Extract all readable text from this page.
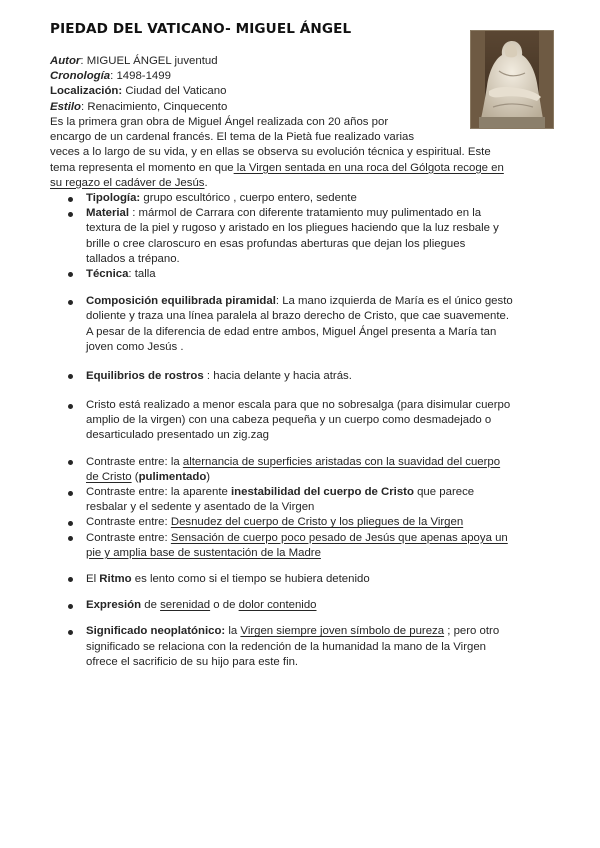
PIEDAD DEL VATICANO- MIGUEL ÁNGEL
Autor: MIGUEL ÁNGEL juventud
Cronología: 1498-1499
Localización: Ciudad del Vaticano
Estilo: Renacimiento, Cinquecento
Es la primera gran obra de Miguel Ángel realizada con 20 años por
encargo de un cardenal francés. El tema de la Pietà fue realizado varias
veces a lo largo de su vida, y en ellas se observa su evolución técnica y espiritual. Este
tema representa el momento en que la Virgen sentada en una roca del Gólgota recoge en
su regazo el cadáver de Jesús.
Tipología: grupo escultórico , cuerpo entero, sedente
Material : mármol de Carrara con diferente tratamiento muy pulimentado en la
textura de la piel y rugoso y aristado en los pliegues haciendo que la luz resbale y
brille o cree claroscuro en esas profundas aberturas que dejan los pliegues
tallados a trépano.
Técnica: talla
Composición equilibrada piramidal: La mano izquierda de María es el único gesto
doliente y traza una línea paralela al brazo derecho de Cristo, que cae suavemente.
A pesar de la diferencia de edad entre ambos, Miguel Ángel presenta a María tan
joven como Jesús .
Equilibrios de rostros : hacia delante y hacia atrás.
Cristo está realizado a menor escala para que no sobresalga (para disimular cuerpo
amplio de la virgen) con una cabeza pequeña y un cuerpo como desmadejado o
desarticulado presentado un zig.zag
Contraste entre: la alternancia de superficies aristadas con la suavidad del cuerpo
de Cristo (pulimentado)
Contraste entre: la aparente inestabilidad del cuerpo de Cristo que parece
resbalar y el sedente y asentado de la Virgen
Contraste entre: Desnudez del cuerpo de Cristo y los pliegues de la Virgen
Contraste entre: Sensación de cuerpo poco pesado de Jesús que apenas apoya un
pie y amplia base de sustentación de la Madre
El Ritmo es lento como si el tiempo se hubiera detenido
Expresión de serenidad o de dolor contenido
Significado neoplatónico: la Virgen siempre joven símbolo de pureza ; pero otro
significado se relaciona con la redención de la humanidad la mano de la Virgen
ofrece el sacrificio de su hijo para este fin.
